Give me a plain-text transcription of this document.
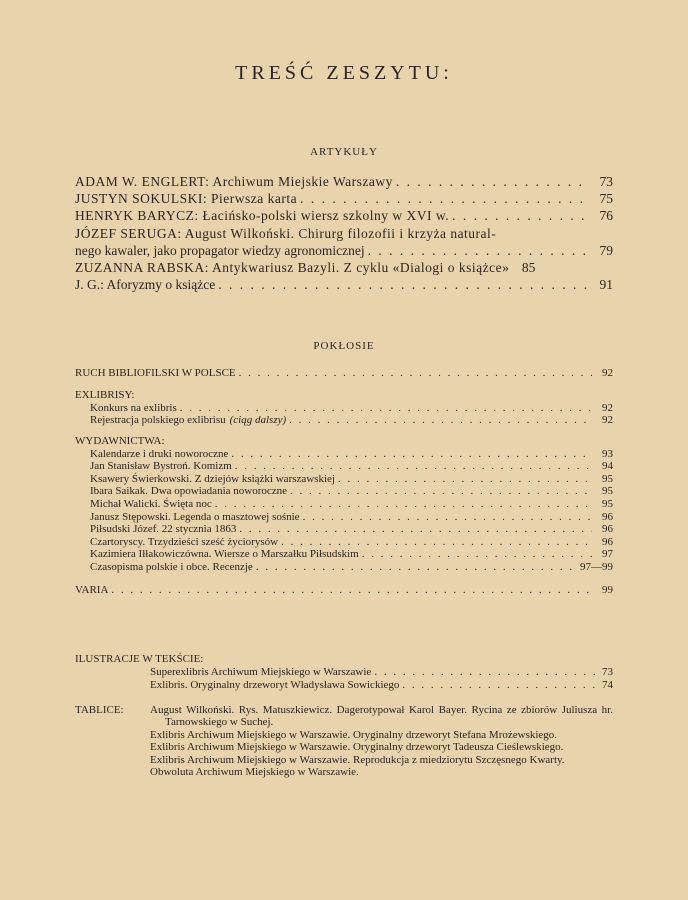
TREŚĆ ZESZYTU:
ARTYKUŁY
ADAM W. ENGLERT: Archiwum Miejskie Warszawy . . .	73
JUSTYN SOKULSKI: Pierwsza karta . . .	75
HENRYK BARYCZ: Łacińsko-polski wiersz szkolny w XVI w. . . .	76
JÓZEF SERUGA: August Wilkoński. Chirurg filozofii i krzyża natural-
nego kawaler, jako propagator wiedzy agronomicznej . . .	79
ZUZANNA RABSKA: Antykwariusz Bazyli. Z cyklu «Dialogi o książce» 85
J. G.: Aforyzmy o książce . . .	91
POKŁOSIE
RUCH BIBLIOFILSKI W POLSCE . . .	92
EXLIBRISY:
Konkurs na exlibris . . .	92
Rejestracja polskiego exlibrisu (ciąg dalszy) . . .	92
WYDAWNICTWA:
Kalendarze i druki noworoczne . . .	93
Jan Stanisław Bystroń. Komizm . . .	94
Ksawery Świerkowski. Z dziejów książki warszawskiej . . .	95
Ibara Saikak. Dwa opowiadania noworoczne . . .	95
Michał Walicki. Święta noc . . .	95
Janusz Stępowski. Legenda o masztowej sośnie . . .	96
Piłsudski Józef. 22 stycznia 1863 . . .	96
Czartoryscy. Trzydzieści sześć życiorysów . . .	96
Kazimiera Iłłakowiczówna. Wiersze o Marszałku Piłsudskim . . .	97
Czasopisma polskie i obce. Recenzje . . .	97—99
VARIA . . .	99
ILUSTRACJE W TEKŚCIE:
Superexlibris Archiwum Miejskiego w Warszawie . . .	73
Exlibris. Oryginalny drzeworyt Władysława Sowickiego . . .	74
TABLICE: August Wilkoński. Rys. Matuszkiewicz. Dagerotypował Karol Bayer. Rycina ze zbiorów Juliusza hr. Tarnowskiego w Suchej.
Exlibris Archiwum Miejskiego w Warszawie. Oryginalny drzeworyt Stefana Mrożewskiego.
Exlibris Archiwum Miejskiego w Warszawie. Oryginalny drzeworyt Tadeusza Cieślewskiego.
Exlibris Archiwum Miejskiego w Warszawie. Reprodukcja z miedziorytu Szczęsnego Kwarty.
Obwoluta Archiwum Miejskiego w Warszawie.
